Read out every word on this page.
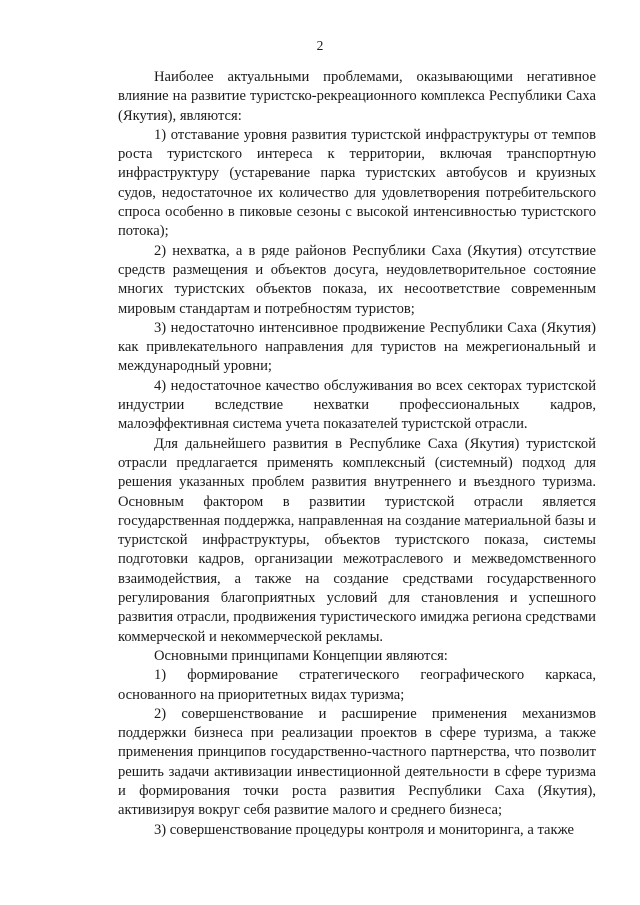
2

Наиболее актуальными проблемами, оказывающими негативное влияние на развитие туристско-рекреационного комплекса Республики Саха (Якутия), являются:

1) отставание уровня развития туристской инфраструктуры от темпов роста туристского интереса к территории, включая транспортную инфраструктуру (устаревание парка туристских автобусов и круизных судов, недостаточное их количество для удовлетворения потребительского спроса особенно в пиковые сезоны с высокой интенсивностью туристского потока);

2) нехватка, а в ряде районов Республики Саха (Якутия) отсутствие средств размещения и объектов досуга, неудовлетворительное состояние многих туристских объектов показа, их несоответствие современным мировым стандартам и потребностям туристов;

3) недостаточно интенсивное продвижение Республики Саха (Якутия) как привлекательного направления для туристов на межрегиональный и международный уровни;

4) недостаточное качество обслуживания во всех секторах туристской индустрии вследствие нехватки профессиональных кадров, малоэффективная система учета показателей туристской отрасли.

Для дальнейшего развития в Республике Саха (Якутия) туристской отрасли предлагается применять комплексный (системный) подход для решения указанных проблем развития внутреннего и въездного туризма. Основным фактором в развитии туристской отрасли является государственная поддержка, направленная на создание материальной базы и туристской инфраструктуры, объектов туристского показа, системы подготовки кадров, организации межотраслевого и межведомственного взаимодействия, а также на создание средствами государственного регулирования благоприятных условий для становления и успешного развития отрасли, продвижения туристического имиджа региона средствами коммерческой и некоммерческой рекламы.

Основными принципами Концепции являются:

1) формирование стратегического географического каркаса, основанного на приоритетных видах туризма;

2) совершенствование и расширение применения механизмов поддержки бизнеса при реализации проектов в сфере туризма, а также применения принципов государственно-частного партнерства, что позволит решить задачи активизации инвестиционной деятельности в сфере туризма и формирования точки роста развития Республики Саха (Якутия), активизируя вокруг себя развитие малого и среднего бизнеса;

3) совершенствование процедуры контроля и мониторинга, а также
